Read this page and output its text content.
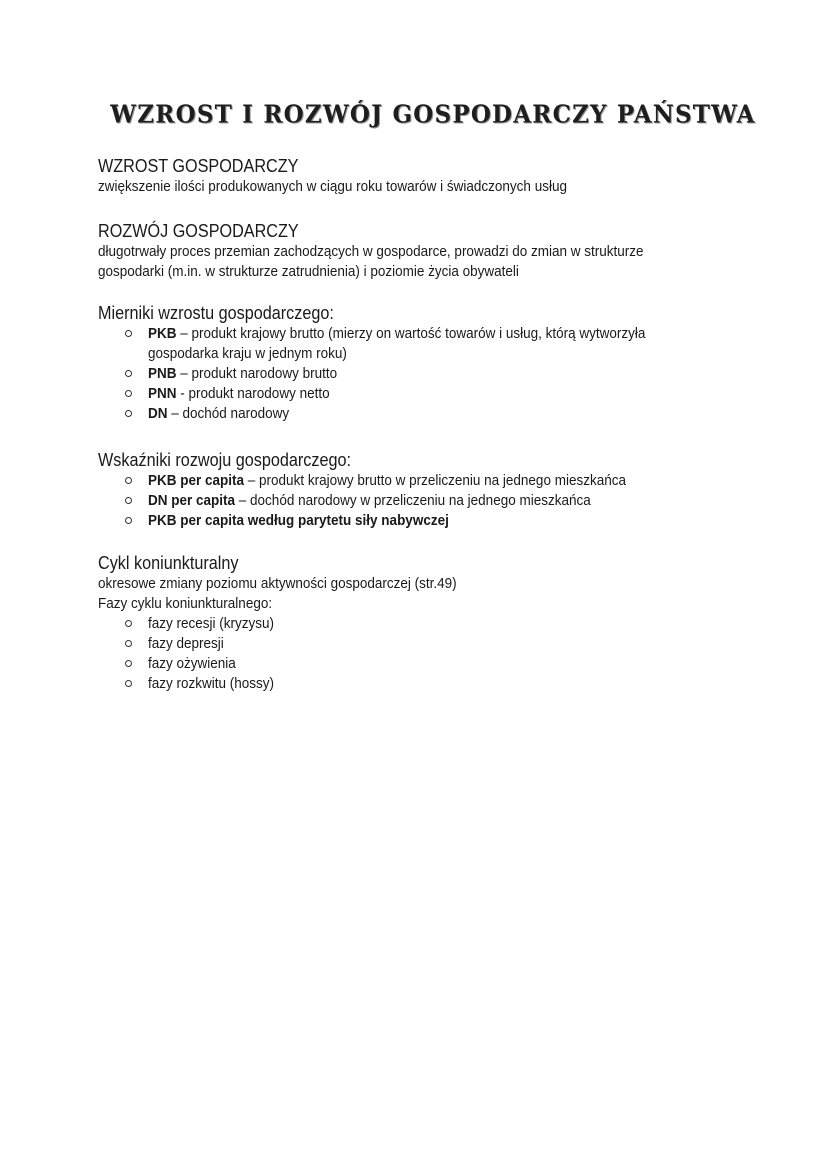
WZROST I ROZWÓJ GOSPODARCZY PAŃSTWA
WZROST GOSPODARCZY
zwiększenie ilości produkowanych w ciągu roku towarów i świadczonych usług
ROZWÓJ GOSPODARCZY
długotrwały proces przemian zachodzących w gospodarce, prowadzi do zmian w strukturze
gospodarki (m.in. w strukturze zatrudnienia) i poziomie życia obywateli
Mierniki wzrostu gospodarczego:
PKB – produkt krajowy brutto (mierzy on wartość towarów i usług, którą wytworzyła
gospodarka kraju w jednym roku)
PNB – produkt narodowy brutto
PNN - produkt narodowy netto
DN – dochód narodowy
Wskaźniki rozwoju gospodarczego:
PKB per capita – produkt krajowy brutto w przeliczeniu na jednego mieszkańca
DN per capita – dochód narodowy w przeliczeniu na jednego mieszkańca
PKB per capita według parytetu siły nabywczej
Cykl koniunkturalny
okresowe zmiany poziomu aktywności gospodarczej (str.49)
Fazy cyklu koniunkturalnego:
fazy recesji (kryzysu)
fazy depresji
fazy ożywienia
fazy rozkwitu (hossy)
